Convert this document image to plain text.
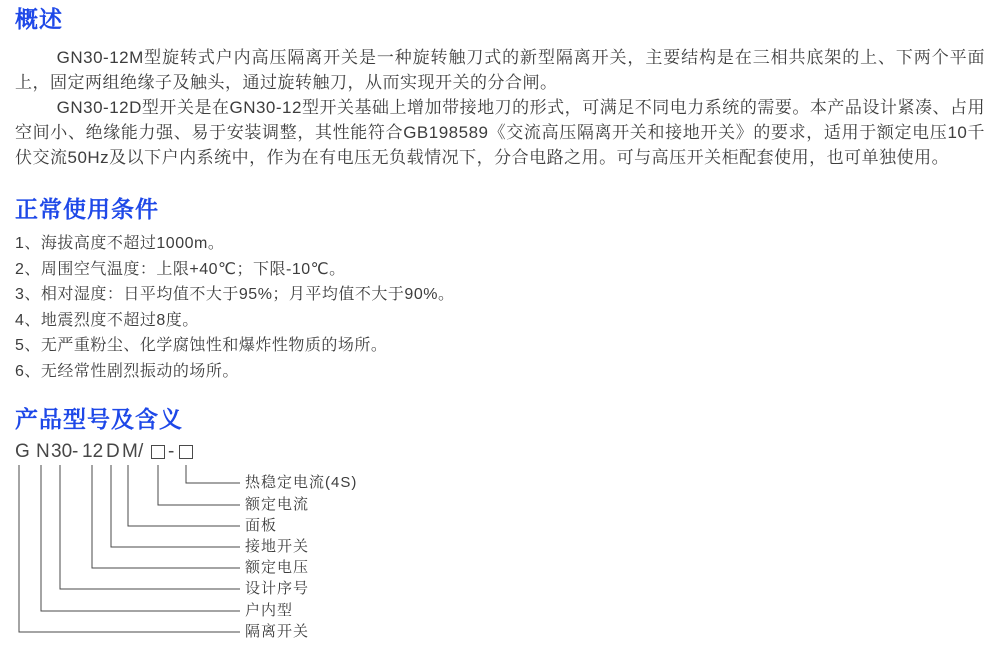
概述

GN30-12M型旋转式户内高压隔离开关是一种旋转触刀式的新型隔离开关，主要结构是在三相共底架的上、下两个平面上，固定两组绝缘子及触头，通过旋转触刀，从而实现开关的分合闸。

GN30-12D型开关是在GN30-12型开关基础上增加带接地刀的形式，可满足不同电力系统的需要。本产品设计紧凑、占用空间小、绝缘能力强、易于安装调整，其性能符合GB198589《交流高压隔离开关和接地开关》的要求，适用于额定电压10千伏交流50Hz及以下户内系统中，作为在有电压无负载情况下，分合电路之用。可与高压开关柜配套使用，也可单独使用。

正常使用条件
1、海拔高度不超过1000m。
2、周围空气温度：上限+40℃；下限-10℃。
3、相对湿度：日平均值不大于95%；月平均值不大于90%。
4、地震烈度不超过8度。
5、无严重粉尘、化学腐蚀性和爆炸性物质的场所。
6、无经常性剧烈振动的场所。
产品型号及含义
G N 30 - 12 D M / -
热稳定电流(4S)
额定电流
面板
接地开关
额定电压
设计序号
户内型
隔离开关
